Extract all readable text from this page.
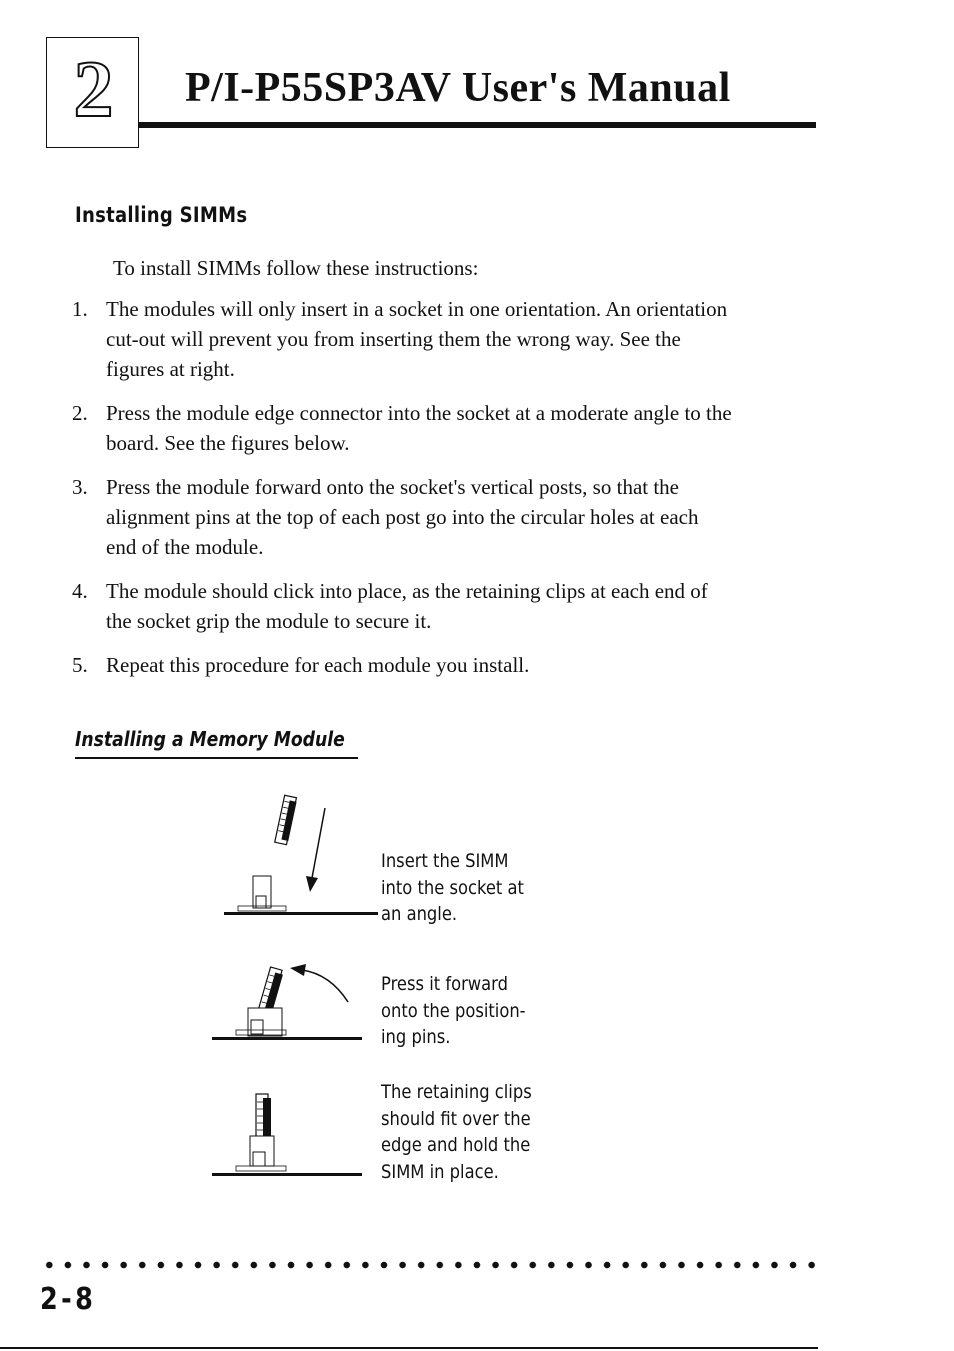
2	P/I-P55SP3AV User's Manual
Installing SIMMs
To install SIMMs follow these instructions:
1. The modules will only insert in a socket in one orientation. An orientation cut-out will prevent you from inserting them the wrong way. See the figures at right.
2. Press the module edge connector into the socket at a moderate angle to the board. See the figures below.
3. Press the module forward onto the socket's vertical posts, so that the alignment pins at the top of each post go into the circular holes at each end of the module.
4. The module should click into place, as the retaining clips at each end of the socket grip the module to secure it.
5. Repeat this procedure for each module you install.
Installing a Memory Module
Insert the SIMM
into the socket at
an angle.
Press it forward
onto the position-
ing pins.
The retaining clips
should fit over the
edge and hold the
SIMM in place.
2-8
